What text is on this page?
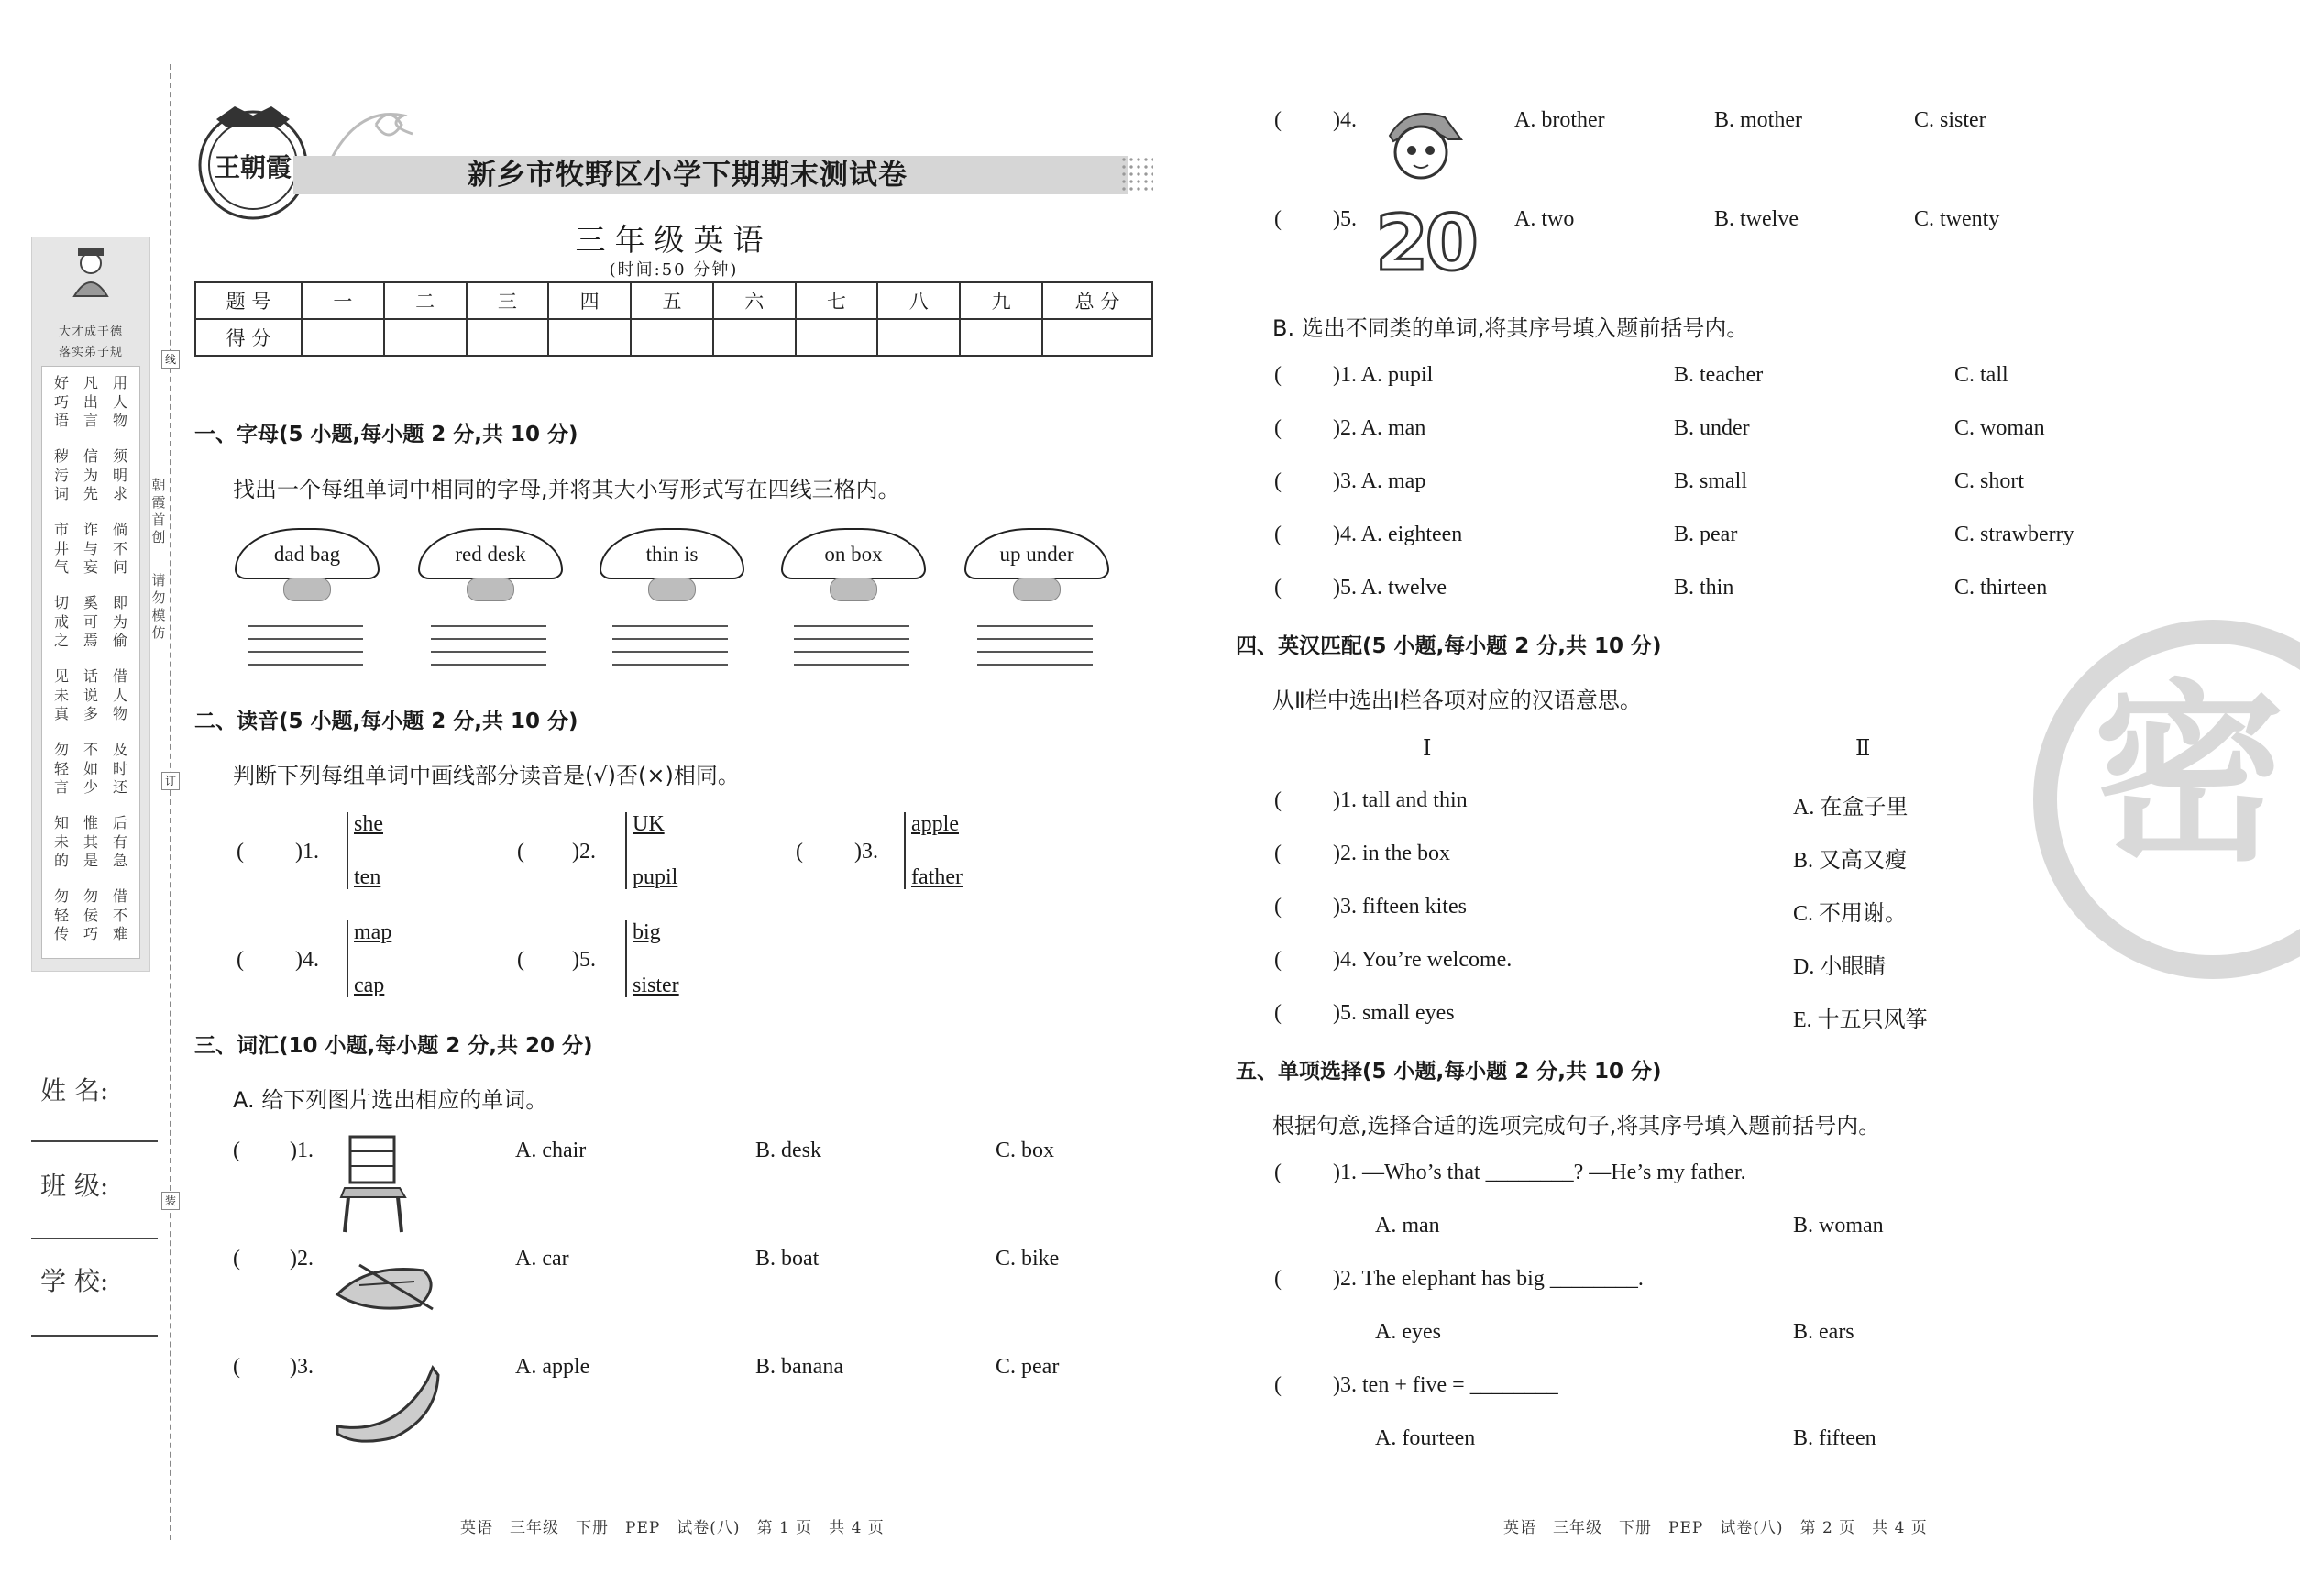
大才成于德
落实弟子规
好
巧
语
凡
出
言
用
人
物
秽
污
词
信
为
先
须
明
求
市
井
气
诈
与
妄
倘
不
问
切
戒
之
奚
可
焉
即
为
偷
见
未
真
话
说
多
借
人
物
勿
轻
言
不
如
少
及
时
还
知
未
的
惟
其
是
后
有
急
勿
轻
传
勿
佞
巧
借
不
难
线
订
装
朝
霞
首
创
请
勿
模
仿
姓 名:
班 级:
学 校:
王朝霞	新乡市牧野区小学下期期末测试卷
三年级英语
(时间:50 分钟)
题 号	一	二	三	四	五	六	七	八	九	总 分
得 分										
一、字母(5 小题,每小题 2 分,共 10 分)
找出一个每组单词中相同的字母,并将其大小写形式写在四线三格内。
dad bag	red desk	thin is	on box	up under
二、读音(5 小题,每小题 2 分,共 10 分)
判断下列每组单词中画线部分读音是(√)否(×)相同。
( )1.
she
ten
( )2.
UK
pupil
( )3.
apple
father
( )4.
map
cap
( )5.
big
sister
三、词汇(10 小题,每小题 2 分,共 20 分)
A. 给下列图片选出相应的单词。
( )1.	A. chair	B. desk	C. box
( )2.	A. car	B. boat	C. bike
( )3.	A. apple	B. banana	C. pear
英语　三年级　下册　PEP　试卷(八)　第 1 页　共 4 页
( )4.	A. brother	B. mother	C. sister
( )5. 20 A. two	B. twelve	C. twenty
B. 选出不同类的单词,将其序号填入题前括号内。
( )1. A. pupil	B. teacher	C. tall
( )2. A. man	B. under	C. woman
( )3. A. map	B. small	C. short
( )4. A. eighteen	B. pear	C. strawberry
( )5. A. twelve	B. thin	C. thirteen
密
四、英汉匹配(5 小题,每小题 2 分,共 10 分)
从Ⅱ栏中选出Ⅰ栏各项对应的汉语意思。
Ⅰ	Ⅱ
( )1. tall and thin	A. 在盒子里
( )2. in the box	B. 又高又瘦
( )3. fifteen kites	C. 不用谢。
( )4. You’re welcome.	D. 小眼睛
( )5. small eyes	E. 十五只风筝
五、单项选择(5 小题,每小题 2 分,共 10 分)
根据句意,选择合适的选项完成句子,将其序号填入题前括号内。
( )1. —Who’s that ________? —He’s my father.
A. man	B. woman
( )2. The elephant has big ________.
A. eyes	B. ears
( )3. ten + five = ________
A. fourteen	B. fifteen
英语　三年级　下册　PEP　试卷(八)　第 2 页　共 4 页
